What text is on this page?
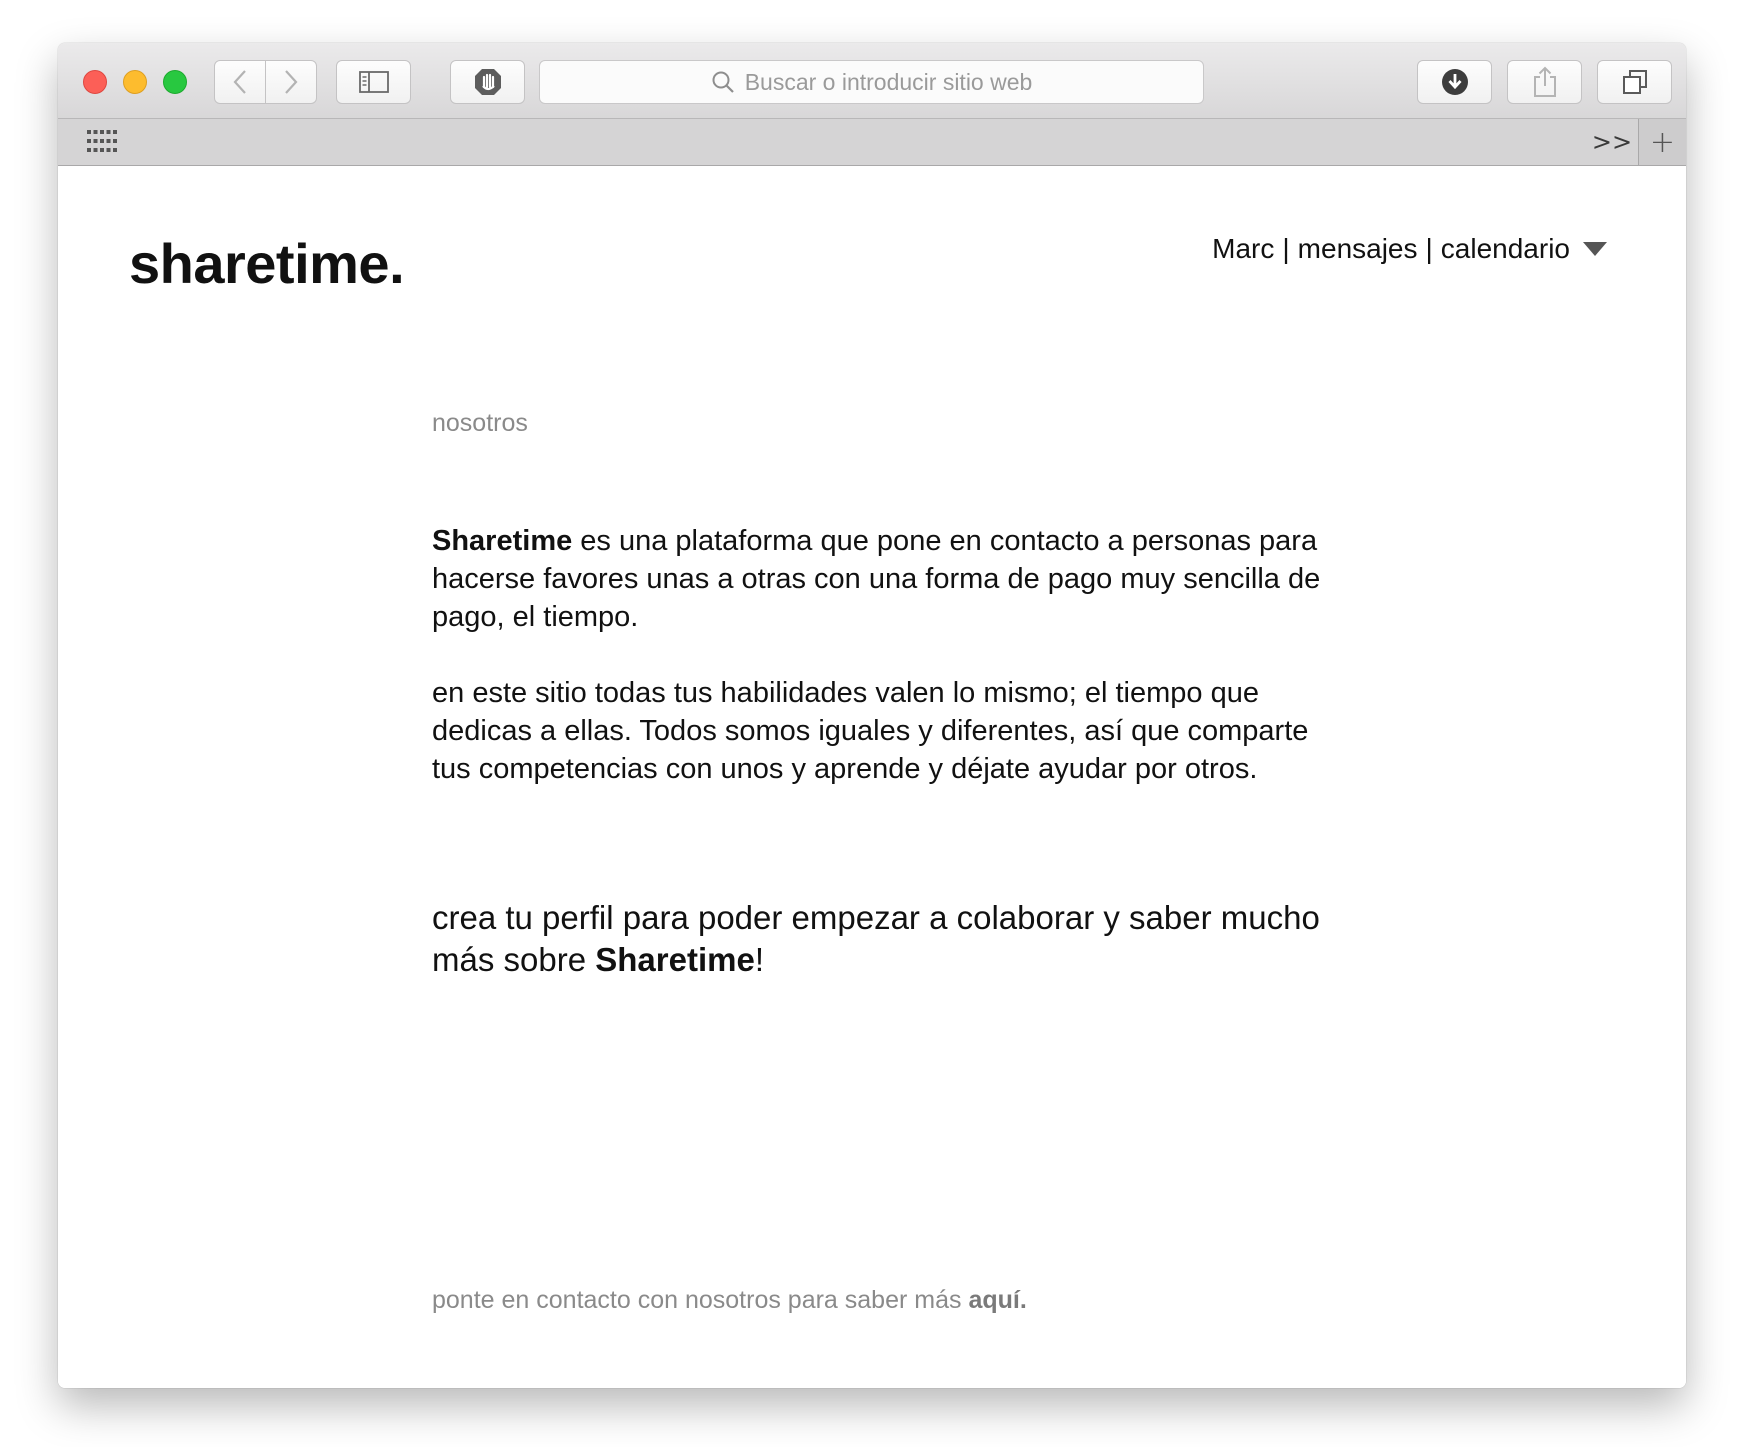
Buscar o introducir sitio web
>> +
sharetime.	Marc | mensajes | calendario
nosotros
Sharetime es una plataforma que pone en contacto a personas para hacerse favores unas a otras con una forma de pago muy sencilla de pago, el tiempo.
en este sitio todas tus habilidades valen lo mismo; el tiempo que dedicas a ellas. Todos somos iguales y diferentes, así que comparte tus competencias con unos y aprende y déjate ayudar por otros.
crea tu perfil para poder empezar a colaborar y saber mucho más sobre Sharetime!
ponte en contacto con nosotros para saber más aquí.
